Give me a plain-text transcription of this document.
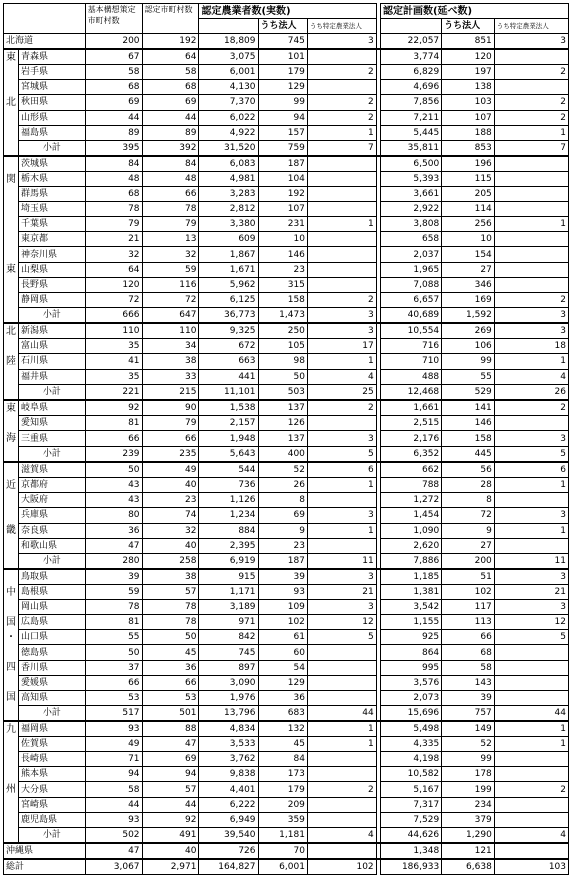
		基本構想策定
市町村数	認定市町村数	認定農業者数(実数)				認定計画数(延べ数)		
					うち法人	うち特定農業法人			うち法人	うち特定農業法人
北海道		200	192	18,809	745	3		22,057	851	3

東
北	青森県	67	64	3,075	101			3,774	120	
	岩手県	58	58	6,001	179	2		6,829	197	2
	宮城県	68	68	4,130	129			4,696	138	
	秋田県	69	69	7,370	99	2		7,856	103	2
	山形県	44	44	6,022	94	2		7,211	107	2
	福島県	89	89	4,922	157	1		5,445	188	1
	小計	395	392	31,520	759	7		35,811	853	7

関
東	茨城県	84	84	6,083	187			6,500	196	
	栃木県	48	48	4,981	104			5,393	115	
	群馬県	68	66	3,283	192			3,661	205	
	埼玉県	78	78	2,812	107			2,922	114	
	千葉県	79	79	3,380	231	1		3,808	256	1
	東京都	21	13	609	10			658	10	
	神奈川県	32	32	1,867	146			2,037	154	
	山梨県	64	59	1,671	23			1,965	27	
	長野県	120	116	5,962	315			7,088	346	
	静岡県	72	72	6,125	158	2		6,657	169	2
	小計	666	647	36,773	1,473	3		40,689	1,592	3

北
陸	新潟県	110	110	9,325	250	3		10,554	269	3
	富山県	35	34	672	105	17		716	106	18
	石川県	41	38	663	98	1		710	99	1
	福井県	35	33	441	50	4		488	55	4
	小計	221	215	11,101	503	25		12,468	529	26

東
海	岐阜県	92	90	1,538	137	2		1,661	141	2
	愛知県	81	79	2,157	126			2,515	146	
	三重県	66	66	1,948	137	3		2,176	158	3
	小計	239	235	5,643	400	5		6,352	445	5

近
畿	滋賀県	50	49	544	52	6		662	56	6
	京都府	43	40	736	26	1		788	28	1
	大阪府	43	23	1,126	8			1,272	8	
	兵庫県	80	74	1,234	69	3		1,454	72	3
	奈良県	36	32	884	9	1		1,090	9	1
	和歌山県	47	40	2,395	23			2,620	27	
	小計	280	258	6,919	187	11		7,886	200	11

中
国
・
四
国	鳥取県	39	38	915	39	3		1,185	51	3
	島根県	59	57	1,171	93	21		1,381	102	21
	岡山県	78	78	3,189	109	3		3,542	117	3
	広島県	81	78	971	102	12		1,155	113	12
	山口県	55	50	842	61	5		925	66	5
	徳島県	50	45	745	60			864	68	
	香川県	37	36	897	54			995	58	
	愛媛県	66	66	3,090	129			3,576	143	
	高知県	53	53	1,976	36			2,073	39	
	小計	517	501	13,796	683	44		15,696	757	44

九
州	福岡県	93	88	4,834	132	1		5,498	149	1
	佐賀県	49	47	3,533	45	1		4,335	52	1
	長崎県	71	69	3,762	84			4,198	99	
	熊本県	94	94	9,838	173			10,582	178	
	大分県	58	57	4,401	179	2		5,167	199	2
	宮崎県	44	44	6,222	209			7,317	234	
	鹿児島県	93	92	6,949	359			7,529	379	
	小計	502	491	39,540	1,181	4		44,626	1,290	4
沖縄県		47	40	726	70			1,348	121	
総計		3,067	2,971	164,827	6,001	102		186,933	6,638	103
